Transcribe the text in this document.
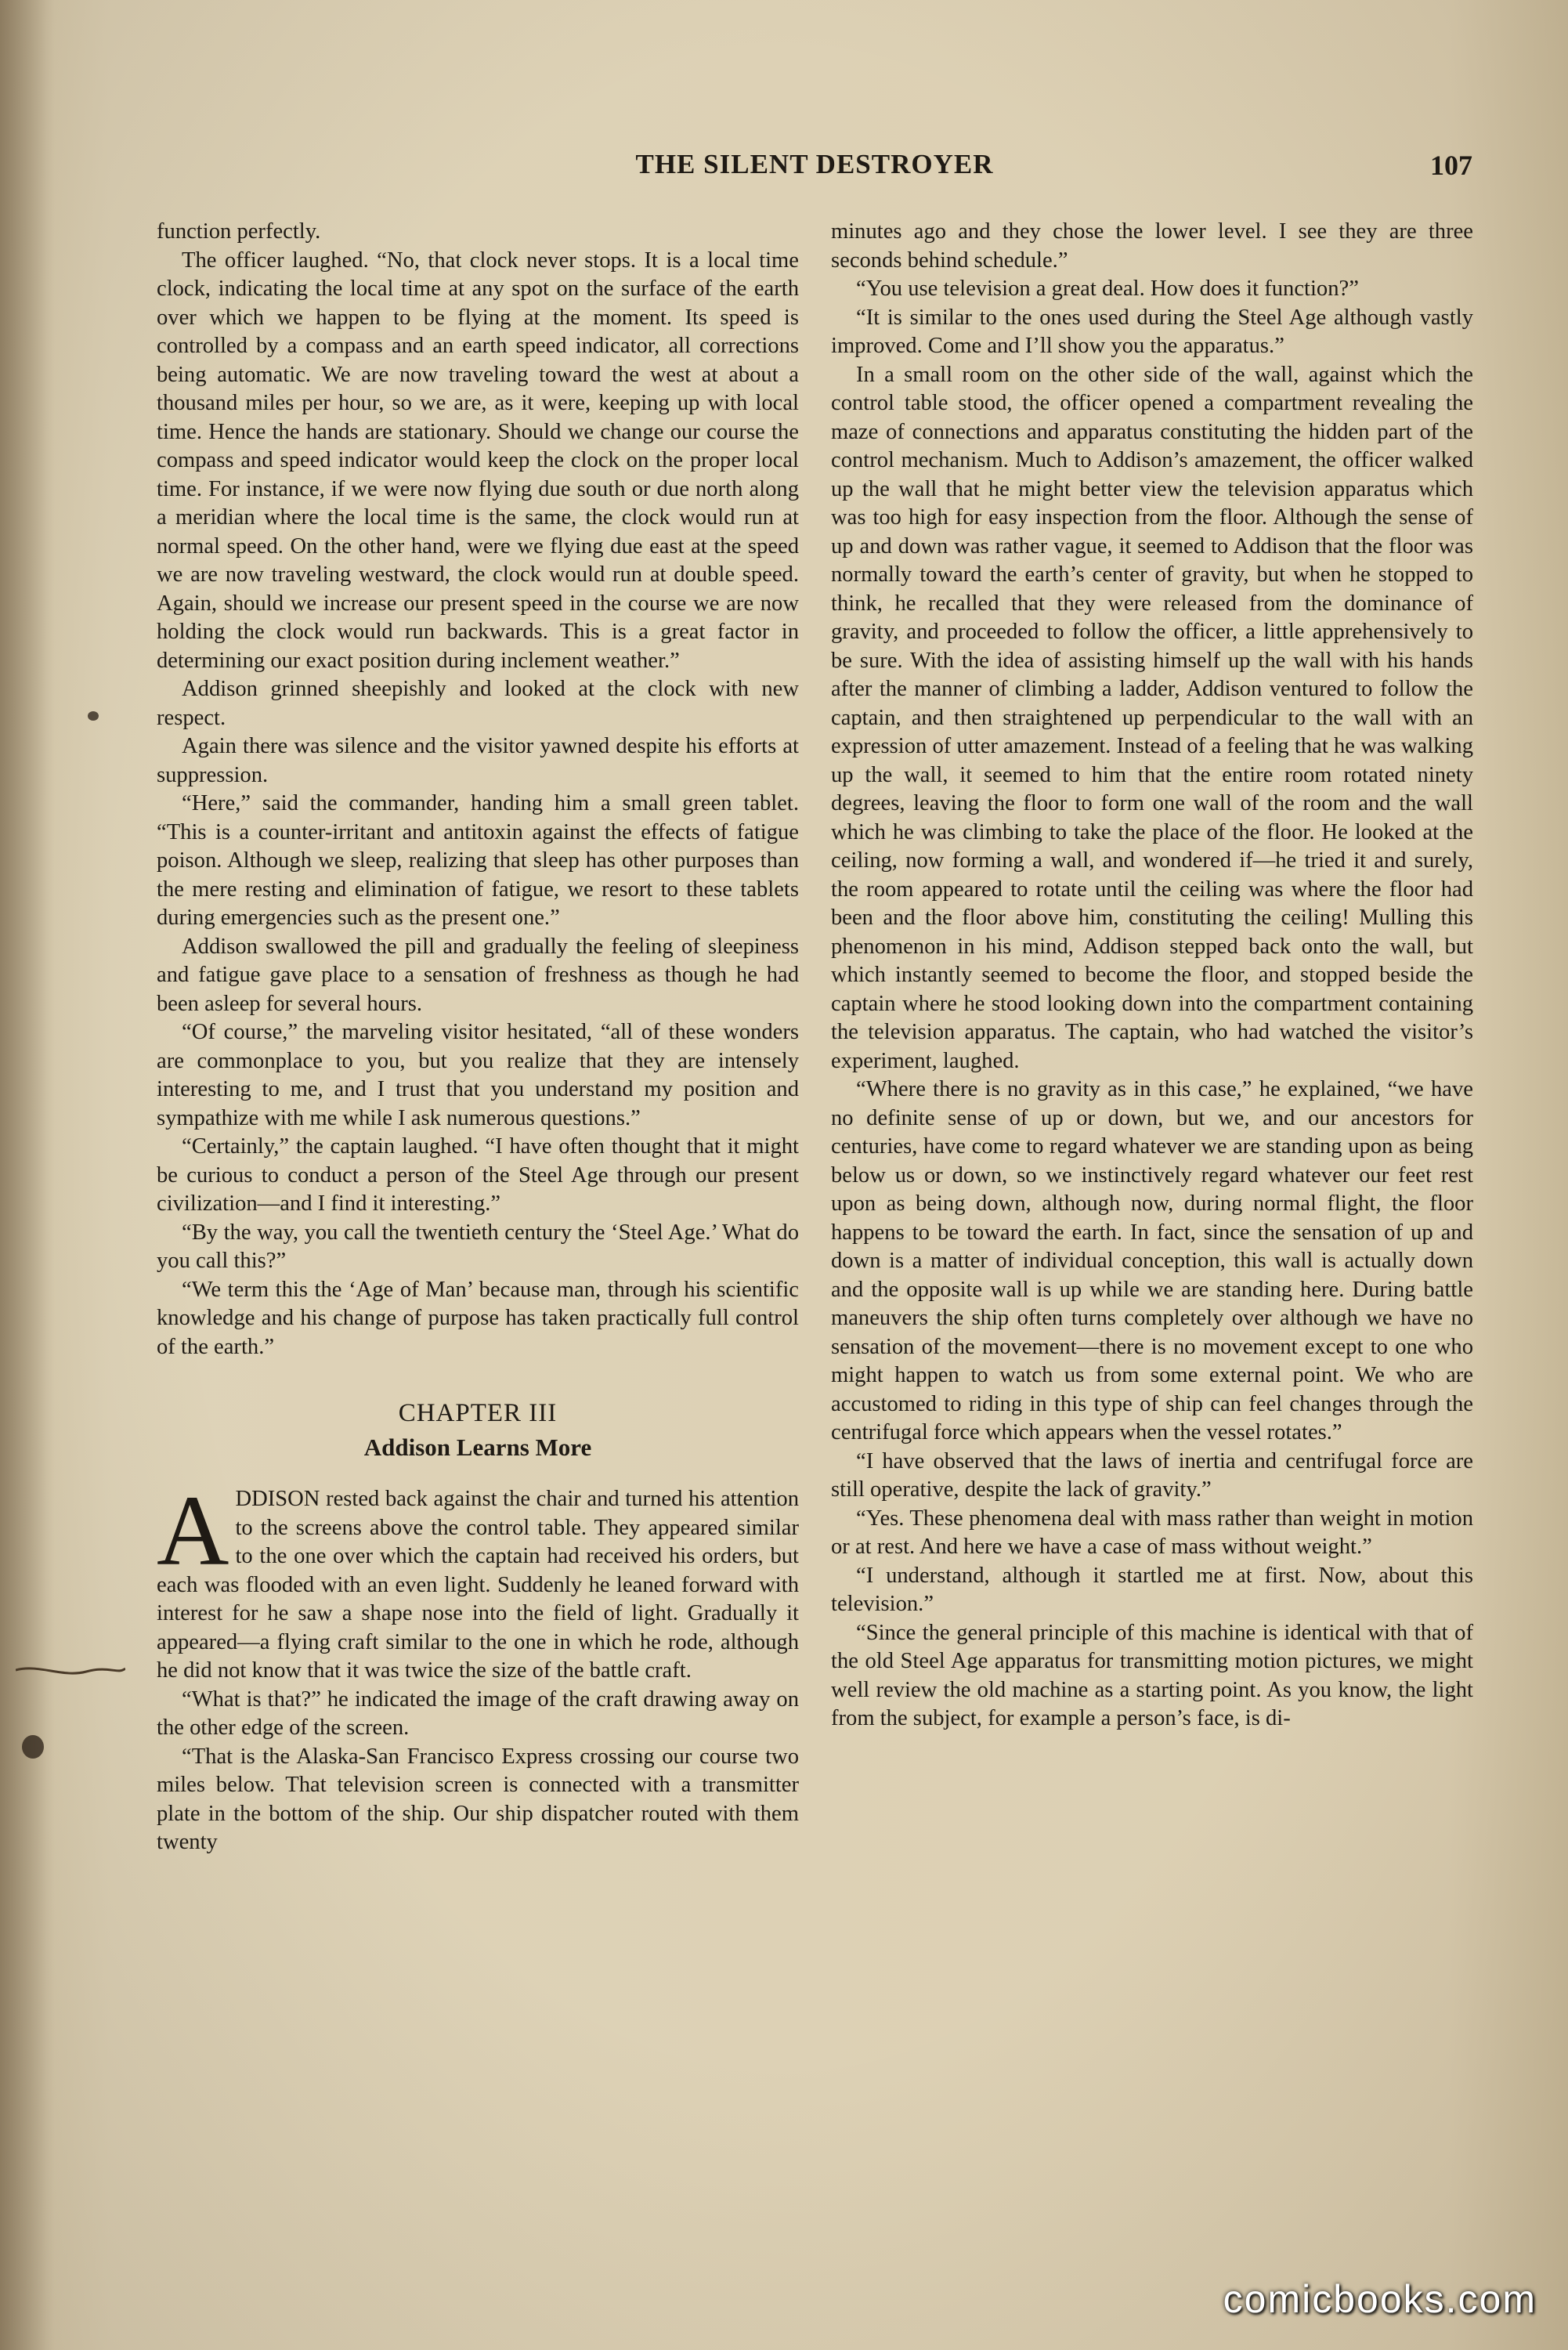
THE SILENT DESTROYER	107

function perfectly.

The officer laughed. “No, that clock never stops. It is a local time clock, indicating the local time at any spot on the surface of the earth over which we happen to be flying at the moment. Its speed is controlled by a compass and an earth speed indicator, all corrections being automatic. We are now traveling toward the west at about a thousand miles per hour, so we are, as it were, keeping up with local time. Hence the hands are stationary. Should we change our course the compass and speed indicator would keep the clock on the proper local time. For instance, if we were now flying due south or due north along a meridian where the local time is the same, the clock would run at normal speed. On the other hand, were we flying due east at the speed we are now traveling westward, the clock would run at double speed. Again, should we increase our present speed in the course we are now holding the clock would run backwards. This is a great factor in determining our exact position during inclement weather.”

Addison grinned sheepishly and looked at the clock with new respect.

Again there was silence and the visitor yawned despite his efforts at suppression.

“Here,” said the commander, handing him a small green tablet. “This is a counter-irritant and antitoxin against the effects of fatigue poison. Although we sleep, realizing that sleep has other purposes than the mere resting and elimination of fatigue, we resort to these tablets during emergencies such as the present one.”

Addison swallowed the pill and gradually the feeling of sleepiness and fatigue gave place to a sensation of freshness as though he had been asleep for several hours.

“Of course,” the marveling visitor hesitated, “all of these wonders are commonplace to you, but you realize that they are intensely interesting to me, and I trust that you understand my position and sympathize with me while I ask numerous questions.”

“Certainly,” the captain laughed. “I have often thought that it might be curious to conduct a person of the Steel Age through our present civilization—and I find it interesting.”

“By the way, you call the twentieth century the ‘Steel Age.’ What do you call this?”

“We term this the ‘Age of Man’ because man, through his scientific knowledge and his change of purpose has taken practically full control of the earth.”

CHAPTER III
Addison Learns More

ADDISON rested back against the chair and turned his attention to the screens above the control table. They appeared similar to the one over which the captain had received his orders, but each was flooded with an even light. Suddenly he leaned forward with interest for he saw a shape nose into the field of light. Gradually it appeared—a flying craft similar to the one in which he rode, although he did not know that it was twice the size of the battle craft.

“What is that?” he indicated the image of the craft drawing away on the other edge of the screen.

“That is the Alaska-San Francisco Express crossing our course two miles below. That television screen is connected with a transmitter plate in the bottom of the ship. Our ship dispatcher routed with them twenty

minutes ago and they chose the lower level. I see they are three seconds behind schedule.”

“You use television a great deal. How does it function?”

“It is similar to the ones used during the Steel Age although vastly improved. Come and I’ll show you the apparatus.”

In a small room on the other side of the wall, against which the control table stood, the officer opened a compartment revealing the maze of connections and apparatus constituting the hidden part of the control mechanism. Much to Addison’s amazement, the officer walked up the wall that he might better view the television apparatus which was too high for easy inspection from the floor. Although the sense of up and down was rather vague, it seemed to Addison that the floor was normally toward the earth’s center of gravity, but when he stopped to think, he recalled that they were released from the dominance of gravity, and proceeded to follow the officer, a little apprehensively to be sure. With the idea of assisting himself up the wall with his hands after the manner of climbing a ladder, Addison ventured to follow the captain, and then straightened up perpendicular to the wall with an expression of utter amazement. Instead of a feeling that he was walking up the wall, it seemed to him that the entire room rotated ninety degrees, leaving the floor to form one wall of the room and the wall which he was climbing to take the place of the floor. He looked at the ceiling, now forming a wall, and wondered if—he tried it and surely, the room appeared to rotate until the ceiling was where the floor had been and the floor above him, constituting the ceiling! Mulling this phenomenon in his mind, Addison stepped back onto the wall, but which instantly seemed to become the floor, and stopped beside the captain where he stood looking down into the compartment containing the television apparatus. The captain, who had watched the visitor’s experiment, laughed.

“Where there is no gravity as in this case,” he explained, “we have no definite sense of up or down, but we, and our ancestors for centuries, have come to regard whatever we are standing upon as being below us or down, so we instinctively regard whatever our feet rest upon as being down, although now, during normal flight, the floor happens to be toward the earth. In fact, since the sensation of up and down is a matter of individual conception, this wall is actually down and the opposite wall is up while we are standing here. During battle maneuvers the ship often turns completely over although we have no sensation of the movement—there is no movement except to one who might happen to watch us from some external point. We who are accustomed to riding in this type of ship can feel changes through the centrifugal force which appears when the vessel rotates.”

“I have observed that the laws of inertia and centrifugal force are still operative, despite the lack of gravity.”

“Yes. These phenomena deal with mass rather than weight in motion or at rest. And here we have a case of mass without weight.”

“I understand, although it startled me at first. Now, about this television.”

“Since the general principle of this machine is identical with that of the old Steel Age apparatus for transmitting motion pictures, we might well review the old machine as a starting point. As you know, the light from the subject, for example a person’s face, is di-

comicbooks.com
